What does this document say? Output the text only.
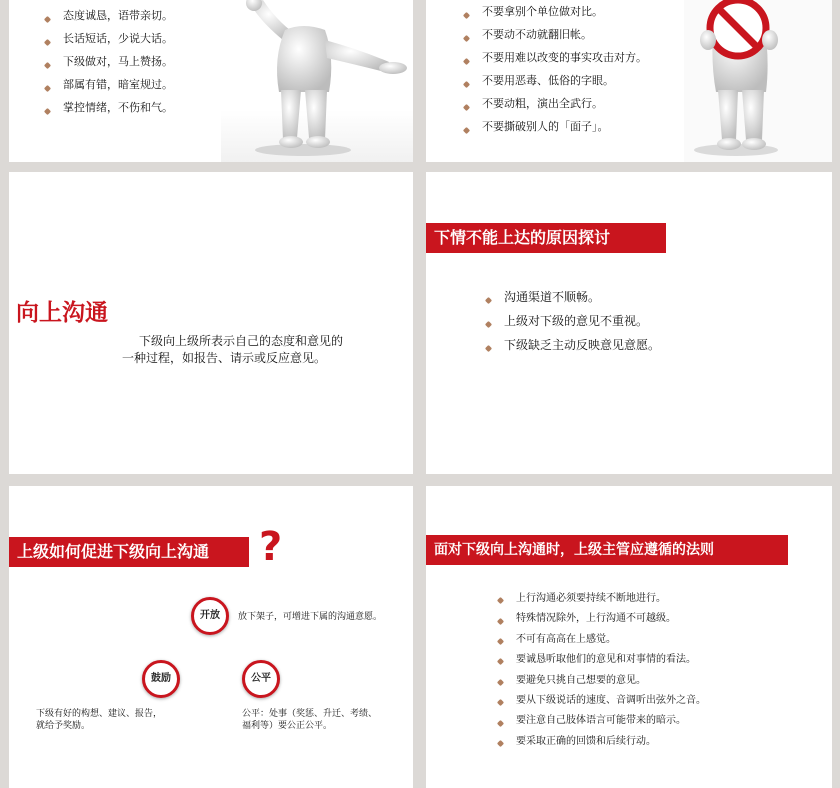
态度诚恳，语带亲切。
长话短话，少说大话。
下级做对，马上赞扬。
部属有错，暗室规过。
掌控情绪，不伤和气。
不要拿别个单位做对比。
不要动不动就翻旧帐。
不要用难以改变的事实攻击对方。
不要用恶毒、低俗的字眼。
不要动粗，演出全武行。
不要撕破别人的「面子」。
向上沟通
下级向上级所表示自己的态度和意见的
一种过程，如报告、请示或反应意见。
下情不能上达的原因探讨
沟通渠道不顺畅。
上级对下级的意见不重视。
下级缺乏主动反映意见意愿。
上级如何促进下级向上沟通	?
开放	放下架子，可增进下属的沟通意愿。
鼓励	公平
下级有好的构想、建议、报告，
就给予奖励。
公平：处事（奖惩、升迁、考绩、
福利等）要公正公平。
面对下级向上沟通时，上级主管应遵循的法则
上行沟通必须要持续不断地进行。
特殊情况除外，上行沟通不可越级。
不可有高高在上感觉。
要诚恳听取他们的意见和对事情的看法。
要避免只挑自己想要的意见。
要从下级说话的速度、音调听出弦外之音。
要注意自己肢体语言可能带来的暗示。
要采取正确的回馈和后续行动。
